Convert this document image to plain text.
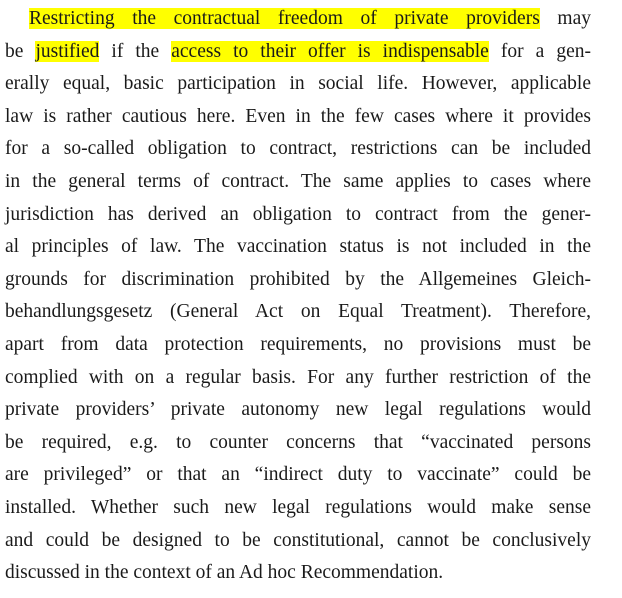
Restricting the contractual freedom of private providers may
be justified if the access to their offer is indispensable for a gen-
erally equal, basic participation in social life. However, applicable
law is rather cautious here. Even in the few cases where it provides
for a so-called obligation to contract, restrictions can be included
in the general terms of contract. The same applies to cases where
jurisdiction has derived an obligation to contract from the gener-
al principles of law. The vaccination status is not included in the
grounds for discrimination prohibited by the Allgemeines Gleich-
behandlungsgesetz (General Act on Equal Treatment). Therefore,
apart from data protection requirements, no provisions must be
complied with on a regular basis. For any further restriction of the
private providers’ private autonomy new legal regulations would
be required, e.g. to counter concerns that “vaccinated persons
are privileged” or that an “indirect duty to vaccinate” could be
installed. Whether such new legal regulations would make sense
and could be designed to be constitutional, cannot be conclusively
discussed in the context of an Ad hoc Recommendation.
